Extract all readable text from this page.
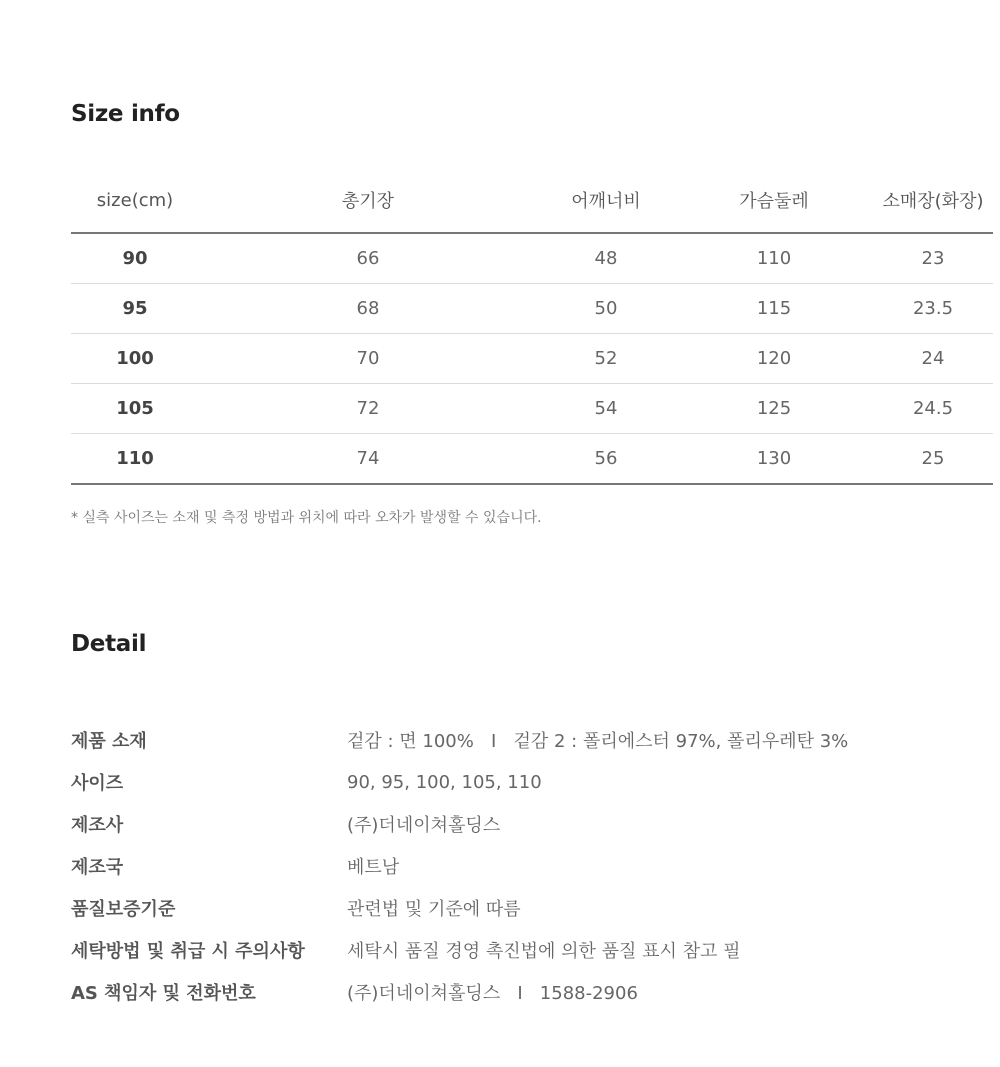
Size info
size(cm)	총기장	어깨너비	가슴둘레	소매장(화장)
90	66	48	110	23
95	68	50	115	23.5
100	70	52	120	24
105	72	54	125	24.5
110	74	56	130	25

* 실측 사이즈는 소재 및 측정 방법과 위치에 따라 오차가 발생할 수 있습니다.

Detail
제품 소재	겉감 : 면 100%   I   겉감 2 : 폴리에스터 97%, 폴리우레탄 3%
사이즈	90, 95, 100, 105, 110
제조사	(주)더네이쳐홀딩스
제조국	베트남
품질보증기준	관련법 및 기준에 따름
세탁방법 및 취급 시 주의사항	세탁시 품질 경영 촉진법에 의한 품질 표시 참고 필
AS 책임자 및 전화번호	(주)더네이쳐홀딩스   I   1588-2906
